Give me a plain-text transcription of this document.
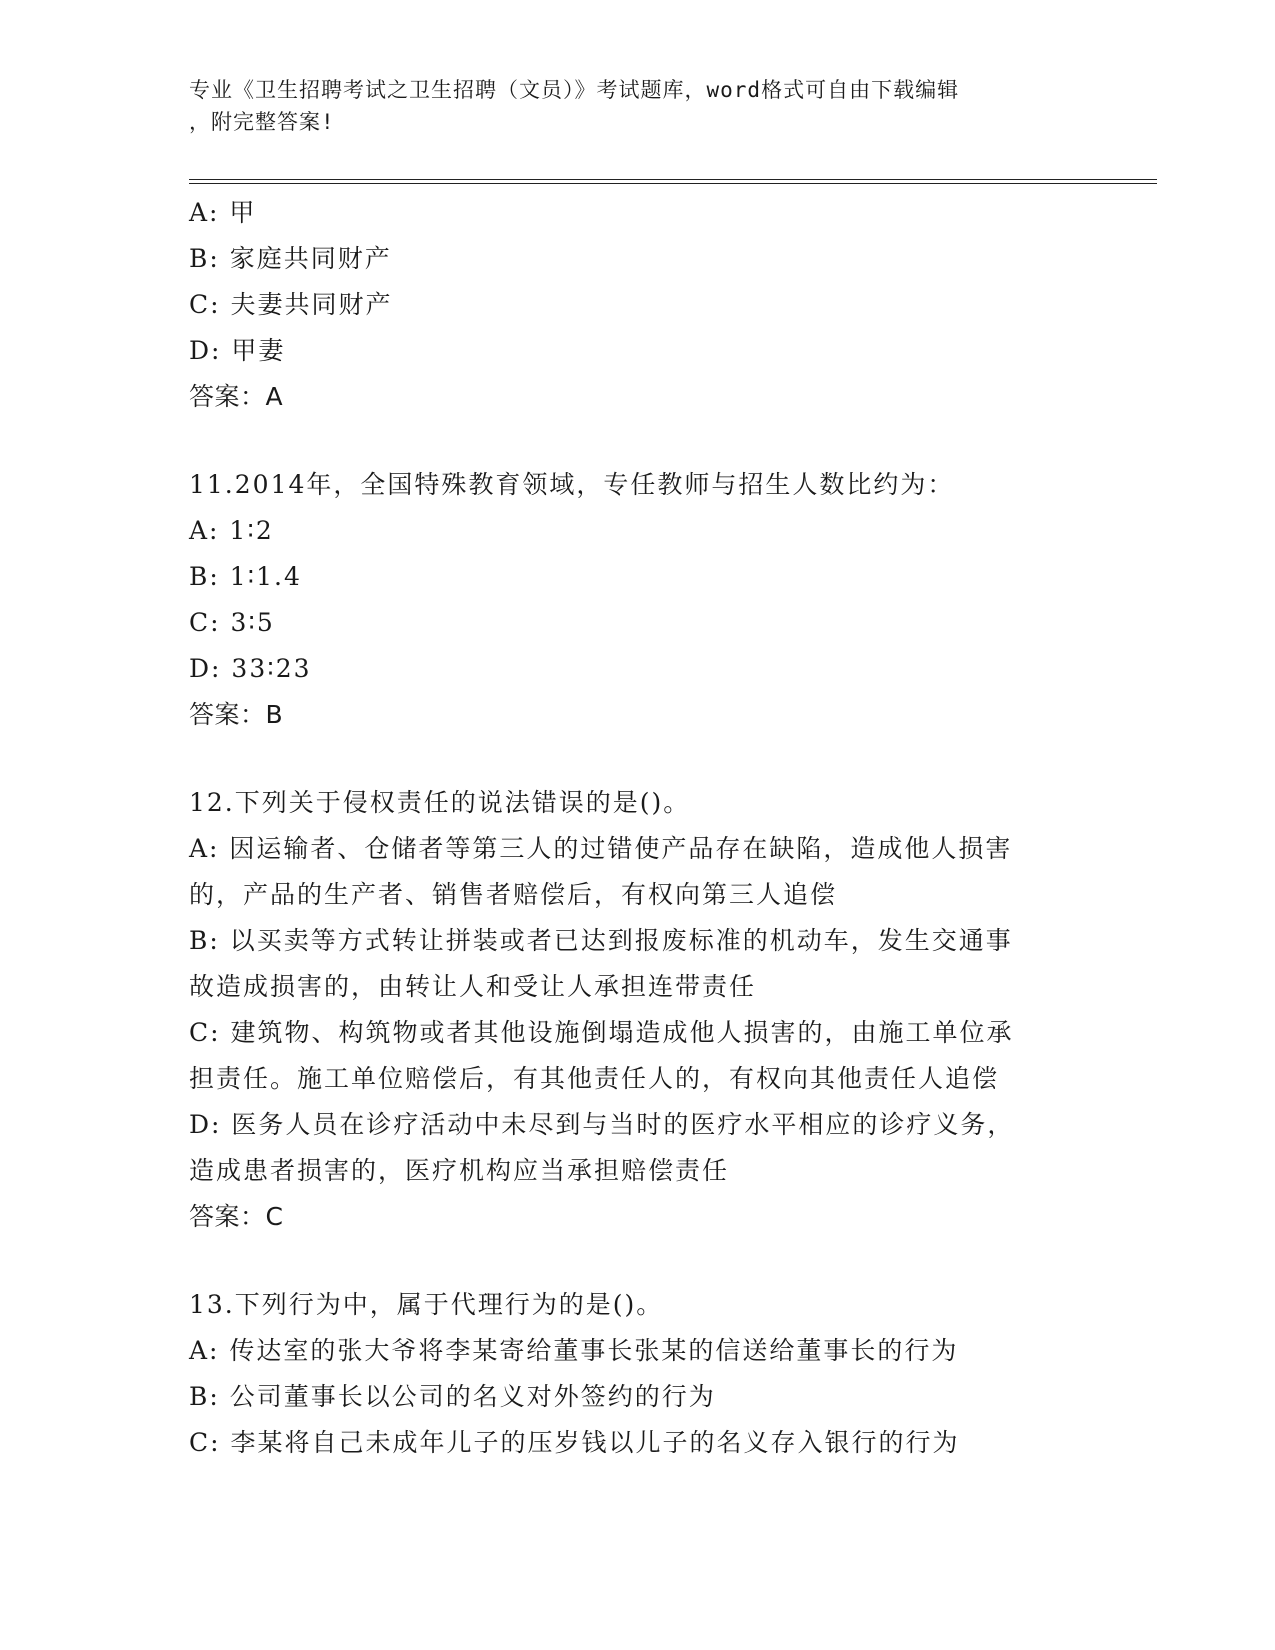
专业《卫生招聘考试之卫生招聘（文员）》考试题库，word格式可自由下载编辑
，附完整答案!
A: 甲
B: 家庭共同财产
C: 夫妻共同财产
D: 甲妻
答案：A
11.2014年，全国特殊教育领域，专任教师与招生人数比约为：
A: 1∶2
B: 1∶1.4
C: 3∶5
D: 33∶23
答案：B
12.下列关于侵权责任的说法错误的是()。
A: 因运输者、仓储者等第三人的过错使产品存在缺陷，造成他人损害
的，产品的生产者、销售者赔偿后，有权向第三人追偿
B: 以买卖等方式转让拼装或者已达到报废标准的机动车，发生交通事
故造成损害的，由转让人和受让人承担连带责任
C: 建筑物、构筑物或者其他设施倒塌造成他人损害的，由施工单位承
担责任。施工单位赔偿后，有其他责任人的，有权向其他责任人追偿
D: 医务人员在诊疗活动中未尽到与当时的医疗水平相应的诊疗义务，
造成患者损害的，医疗机构应当承担赔偿责任
答案：C
13.下列行为中，属于代理行为的是()。
A: 传达室的张大爷将李某寄给董事长张某的信送给董事长的行为
B: 公司董事长以公司的名义对外签约的行为
C: 李某将自己未成年儿子的压岁钱以儿子的名义存入银行的行为
